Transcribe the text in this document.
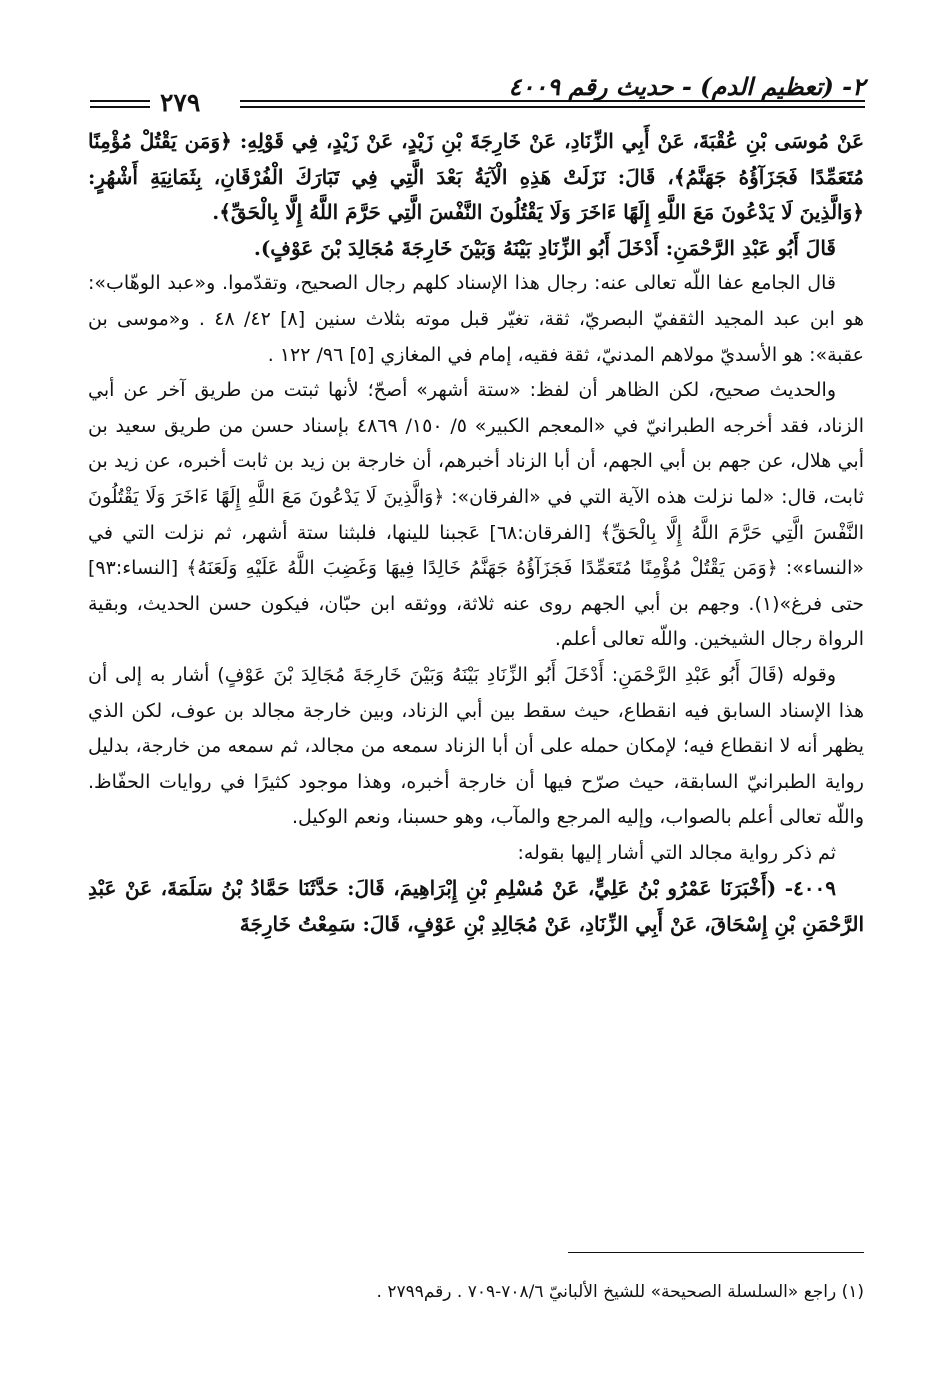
٢٧٩
٢- (تعظيم الدم) - حديث رقم ٤٠٠٩

عَنْ مُوسَى بْنِ عُقْبَةَ، عَنْ أَبِي الزِّنَادِ، عَنْ خَارِجَةَ بْنِ زَيْدٍ، عَنْ زَيْدٍ، فِي قَوْلِهِ: ﴿وَمَن يَقْتُلْ مُؤْمِنًا مُتَعَمِّدًا فَجَزَآؤُهُ جَهَنَّمُ﴾، قَالَ: نَزَلَتْ هَذِهِ الْآيَةُ بَعْدَ الَّتِي فِي تَبَارَكَ الْفُرْقَانِ، بِثَمَانِيَةِ أَشْهُرٍ: ﴿وَالَّذِينَ لَا يَدْعُونَ مَعَ اللَّهِ إِلَهًا ءَاخَرَ وَلَا يَقْتُلُونَ النَّفْسَ الَّتِي حَرَّمَ اللَّهُ إِلَّا بِالْحَقِّ﴾.

قَالَ أَبُو عَبْدِ الرَّحْمَنِ: أَدْخَلَ أَبُو الزِّنَادِ بَيْنَهُ وَبَيْنَ خَارِجَةَ مُجَالِدَ بْنَ عَوْفٍ).

قال الجامع عفا اللّه تعالى عنه: رجال هذا الإسناد كلهم رجال الصحيح، وتقدّموا. و«عبد الوهّاب»: هو ابن عبد المجيد الثقفيّ البصريّ، ثقة، تغيّر قبل موته بثلاث سنين [٨] ٤٢/ ٤٨ . و«موسى بن عقبة»: هو الأسديّ مولاهم المدنيّ، ثقة فقيه، إمام في المغازي [٥] ٩٦/ ١٢٢ .

والحديث صحيح، لكن الظاهر أن لفظ: «ستة أشهر» أصحّ؛ لأنها ثبتت من طريق آخر عن أبي الزناد، فقد أخرجه الطبرانيّ في «المعجم الكبير» ٥/ ١٥٠/ ٤٨٦٩ بإسناد حسن من طريق سعيد بن أبي هلال، عن جهم بن أبي الجهم، أن أبا الزناد أخبرهم، أن خارجة بن زيد بن ثابت أخبره، عن زيد بن ثابت، قال: «لما نزلت هذه الآية التي في «الفرقان»: ﴿وَالَّذِينَ لَا يَدْعُونَ مَعَ اللَّهِ إِلَهًا ءَاخَرَ وَلَا يَقْتُلُونَ النَّفْسَ الَّتِي حَرَّمَ اللَّهُ إِلَّا بِالْحَقِّ﴾ [الفرقان:٦٨] عَجبنا للينها، فلبثنا ستة أشهر، ثم نزلت التي في «النساء»: ﴿وَمَن يَقْتُلْ مُؤْمِنًا مُتَعَمِّدًا فَجَزَآؤُهُ جَهَنَّمُ خَالِدًا فِيهَا وَغَضِبَ اللَّهُ عَلَيْهِ وَلَعَنَهُ﴾ [النساء:٩٣] حتى فرغ»(١). وجهم بن أبي الجهم روى عنه ثلاثة، ووثقه ابن حبّان، فيكون حسن الحديث، وبقية الرواة رجال الشيخين. واللّه تعالى أعلم.

وقوله (قَالَ أَبُو عَبْدِ الرَّحْمَنِ: أَدْخَلَ أَبُو الزِّنَادِ بَيْنَهُ وَبَيْنَ خَارِجَةَ مُجَالِدَ بْنَ عَوْفٍ) أشار به إلى أن هذا الإسناد السابق فيه انقطاع، حيث سقط بين أبي الزناد، وبين خارجة مجالد بن عوف، لكن الذي يظهر أنه لا انقطاع فيه؛ لإمكان حمله على أن أبا الزناد سمعه من مجالد، ثم سمعه من خارجة، بدليل رواية الطبرانيّ السابقة، حيث صرّح فيها أن خارجة أخبره، وهذا موجود كثيرًا في روايات الحفّاظ. واللّه تعالى أعلم بالصواب، وإليه المرجع والمآب، وهو حسبنا، ونعم الوكيل.

ثم ذكر رواية مجالد التي أشار إليها بقوله:

٤٠٠٩- (أَخْبَرَنَا عَمْرُو بْنُ عَلِيٍّ، عَنْ مُسْلِمِ بْنِ إِبْرَاهِيمَ، قَالَ: حَدَّثَنَا حَمَّادُ بْنُ سَلَمَةَ، عَنْ عَبْدِ الرَّحْمَنِ بْنِ إِسْحَاقَ، عَنْ أَبِي الزِّنَادِ، عَنْ مُجَالِدِ بْنِ عَوْفٍ، قَالَ: سَمِعْتُ خَارِجَةَ

(١) راجع «السلسلة الصحيحة» للشيخ الألبانيّ ٧٠٨/٦-٧٠٩ . رقم٢٧٩٩ .
